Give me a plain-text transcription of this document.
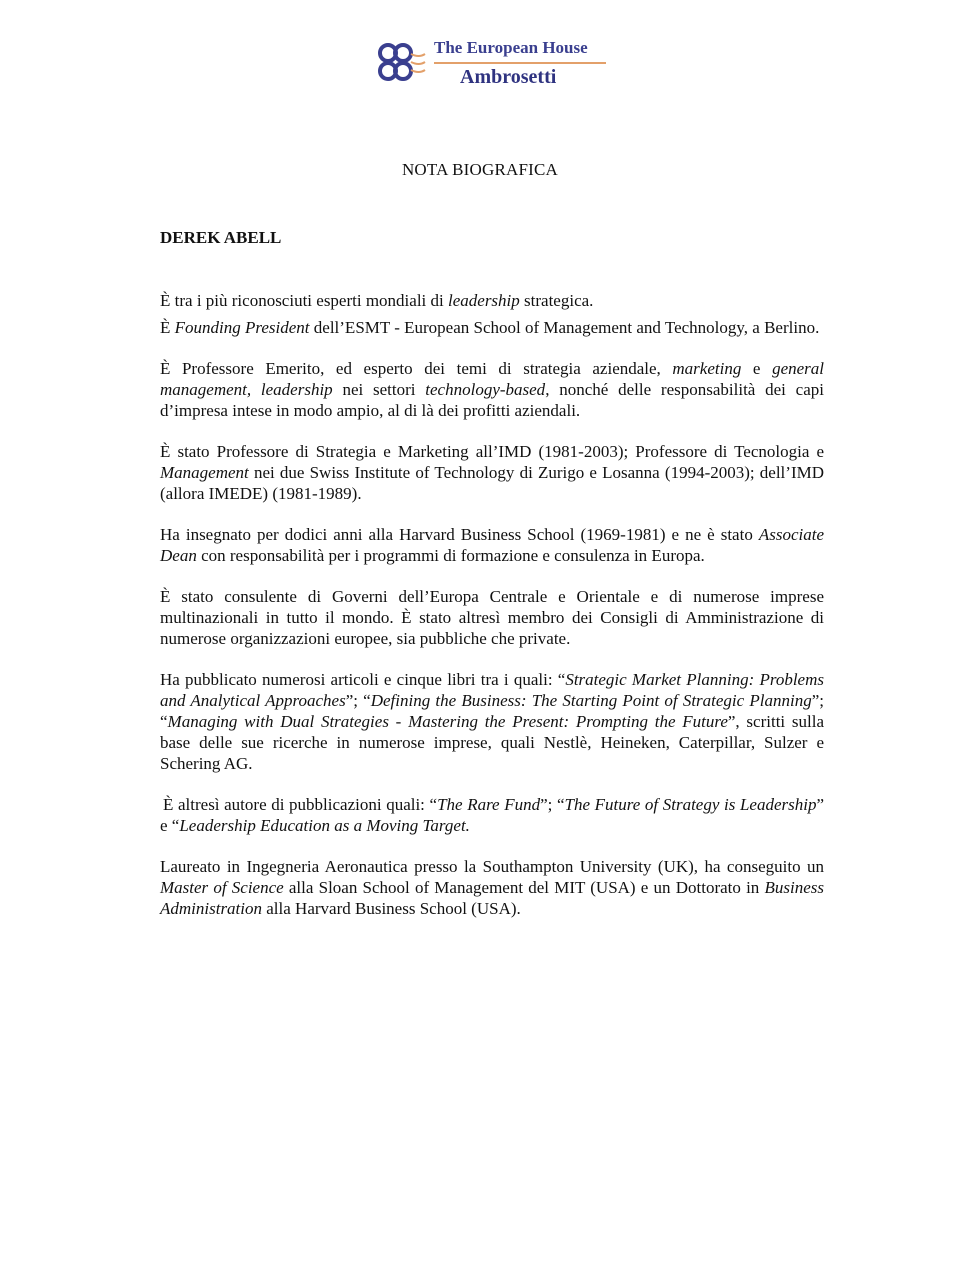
The European House
Ambrosetti
NOTA BIOGRAFICA
DEREK ABELL

È tra i più riconosciuti esperti mondiali di leadership strategica.

È Founding President dell’ESMT - European School of Management and Technology, a Berlino.

È Professore Emerito, ed esperto dei temi di strategia aziendale, marketing e general management, leadership nei settori technology-based, nonché delle responsabilità dei capi d’impresa intese in modo ampio, al di là dei profitti aziendali.

È stato Professore di Strategia e Marketing all’IMD (1981-2003); Professore di Tecnologia e Management nei due Swiss Institute of Technology di Zurigo e Losanna (1994-2003); dell’IMD (allora IMEDE) (1981-1989).

Ha insegnato per dodici anni alla Harvard Business School (1969-1981) e ne è stato Associate Dean con responsabilità per i programmi di formazione e consulenza in Europa.

È stato consulente di Governi dell’Europa Centrale e Orientale e di numerose imprese multinazionali in tutto il mondo. È stato altresì membro dei Consigli di Amministrazione di numerose organizzazioni europee, sia pubbliche che private.

Ha pubblicato numerosi articoli e cinque libri tra i quali: “Strategic Market Planning: Problems and Analytical Approaches”; “Defining the Business: The Starting Point of Strategic Planning”; “Managing with Dual Strategies - Mastering the Present: Prompting the Future”, scritti sulla base delle sue ricerche in numerose imprese, quali Nestlè, Heineken, Caterpillar, Sulzer e Schering AG.

È altresì autore di pubblicazioni quali: “The Rare Fund”; “The Future of Strategy is Leadership” e “Leadership Education as a Moving Target.

Laureato in Ingegneria Aeronautica presso la Southampton University (UK), ha conseguito un Master of Science alla Sloan School of Management del MIT (USA) e un Dottorato in Business Administration alla Harvard Business School (USA).
